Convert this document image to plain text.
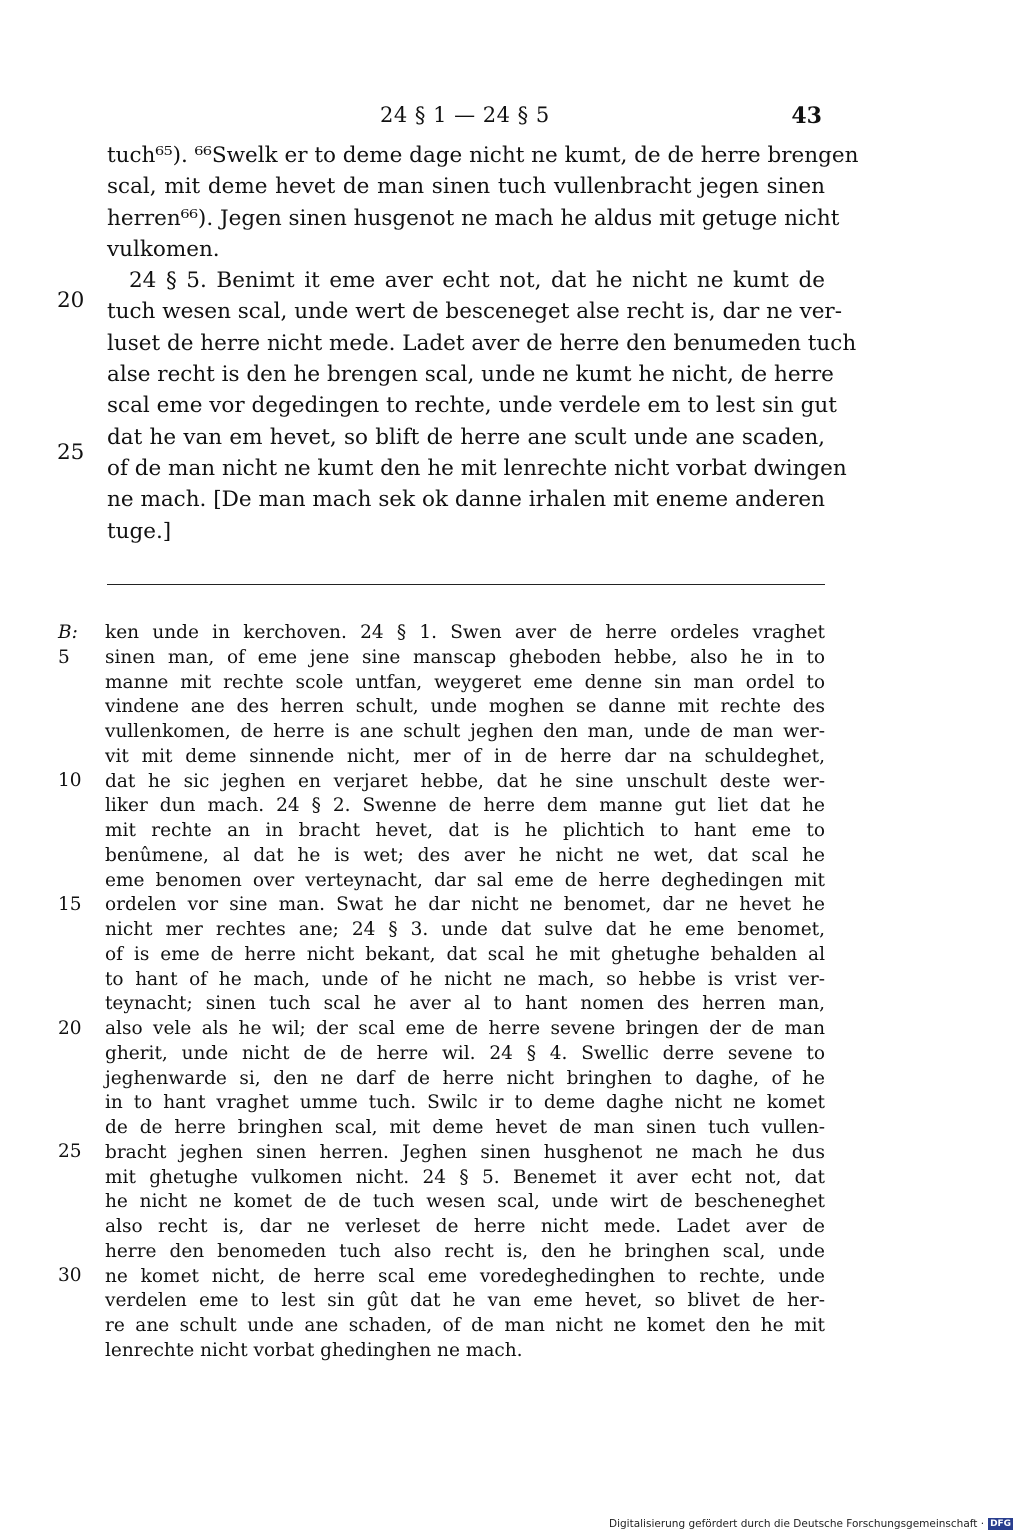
24 § 1 — 24 § 5	43
tuch⁶⁵). ⁶⁶Swelk er to deme dage nicht ne kumt, de de herre brengen
scal, mit deme hevet de man sinen tuch vullenbracht jegen sinen
herren⁶⁶). Jegen sinen husgenot ne mach he aldus mit getuge nicht
vulkomen.
20
24 § 5. Benimt it eme aver echt not, dat he nicht ne kumt de
tuch wesen scal, unde wert de besceneget alse recht is, dar ne ver-
luset de herre nicht mede. Ladet aver de herre den benumeden tuch
alse recht is den he brengen scal, unde ne kumt he nicht, de herre
scal eme vor degedingen to rechte, unde verdele em to lest sin gut
25
dat he van em hevet, so blift de herre ane scult unde ane scaden,
of de man nicht ne kumt den he mit lenrechte nicht vorbat dwingen
ne mach. [De man mach sek ok danne irhalen mit eneme anderen
tuge.]
B:
5
10
15
20
25
30
ken unde in kerchoven. 24 § 1. Swen aver de herre ordeles vraghet
sinen man, of eme jene sine manscap gheboden hebbe, also he in to
manne mit rechte scole untfan, weygeret eme denne sin man ordel to
vindene ane des herren schult, unde moghen se danne mit rechte des
vullenkomen, de herre is ane schult jeghen den man, unde de man wer-
vit mit deme sinnende nicht, mer of in de herre dar na schuldeghet,
dat he sic jeghen en verjaret hebbe, dat he sine unschult deste wer-
liker dun mach. 24 § 2. Swenne de herre dem manne gut liet dat he
mit rechte an in bracht hevet, dat is he plichtich to hant eme to
benûmene, al dat he is wet; des aver he nicht ne wet, dat scal he
eme benomen over verteynacht, dar sal eme de herre deghedingen mit
ordelen vor sine man. Swat he dar nicht ne benomet, dar ne hevet he
nicht mer rechtes ane; 24 § 3. unde dat sulve dat he eme benomet,
of is eme de herre nicht bekant, dat scal he mit ghetughe behalden al
to hant of he mach, unde of he nicht ne mach, so hebbe is vrist ver-
teynacht; sinen tuch scal he aver al to hant nomen des herren man,
also vele als he wil; der scal eme de herre sevene bringen der de man
gherit, unde nicht de de herre wil. 24 § 4. Swellic derre sevene to
jeghenwarde si, den ne darf de herre nicht bringhen to daghe, of he
in to hant vraghet umme tuch. Swilc ir to deme daghe nicht ne komet
de de herre bringhen scal, mit deme hevet de man sinen tuch vullen-
bracht jeghen sinen herren. Jeghen sinen husghenot ne mach he dus
mit ghetughe vulkomen nicht. 24 § 5. Benemet it aver echt not, dat
he nicht ne komet de de tuch wesen scal, unde wirt de bescheneghet
also recht is, dar ne verleset de herre nicht mede. Ladet aver de
herre den benomeden tuch also recht is, den he bringhen scal, unde
ne komet nicht, de herre scal eme voredeghedinghen to rechte, unde
verdelen eme to lest sin gût dat he van eme hevet, so blivet de her-
re ane schult unde ane schaden, of de man nicht ne komet den he mit
lenrechte nicht vorbat ghedinghen ne mach.
Digitalisierung gefördert durch die Deutsche Forschungsgemeinschaft · DFG
